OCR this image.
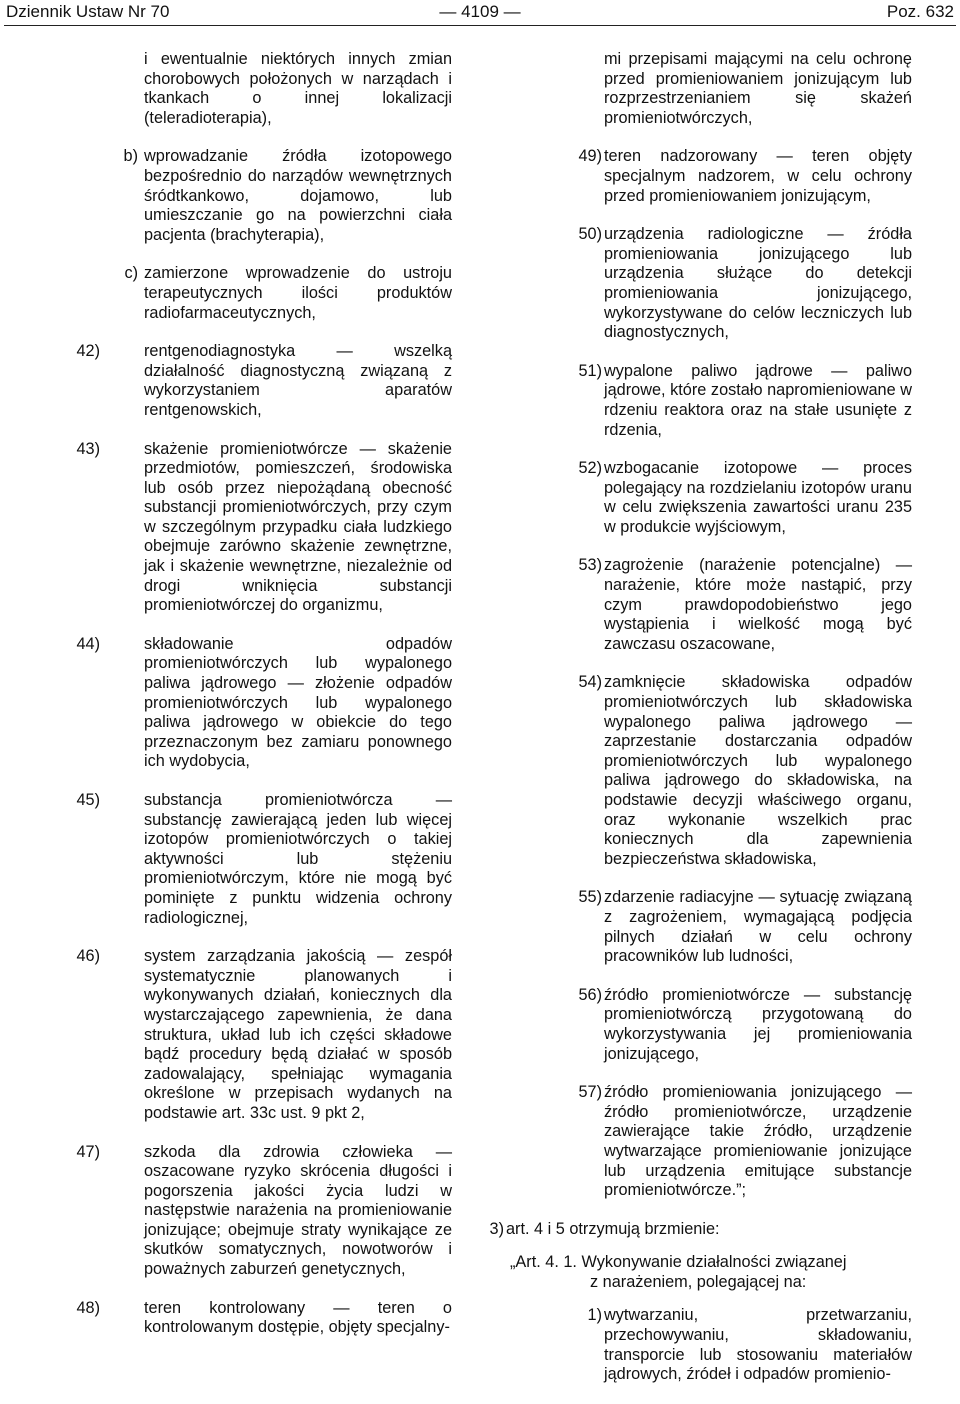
Dziennik Ustaw Nr 70	— 4109 —	Poz. 632
i ewentualnie niektórych innych zmian chorobowych położonych w narządach i tkankach o innej lokalizacji (teleradioterapia),
b) wprowadzanie źródła izotopowego bezpośrednio do narządów wewnętrznych śródtkankowo, dojamowo, lub umieszczanie go na powierzchni ciała pacjenta (brachyterapia),
c) zamierzone wprowadzenie do ustroju terapeutycznych ilości produktów radiofarmaceutycznych,
42)	rentgenodiagnostyka — wszelką działalność diagnostyczną związaną z wykorzystaniem aparatów rentgenowskich,
43)	skażenie promieniotwórcze — skażenie przedmiotów, pomieszczeń, środowiska lub osób przez niepożądaną obecność substancji promieniotwórczych, przy czym w szczególnym przypadku ciała ludzkiego obejmuje zarówno skażenie zewnętrzne, jak i skażenie wewnętrzne, niezależnie od drogi wniknięcia substancji promieniotwórczej do organizmu,
44)	składowanie odpadów promieniotwórczych lub wypalonego paliwa jądrowego — złożenie odpadów promieniotwórczych lub wypalonego paliwa jądrowego w obiekcie do tego przeznaczonym bez zamiaru ponownego ich wydobycia,
45)	substancja promieniotwórcza — substancję zawierającą jeden lub więcej izotopów promieniotwórczych o takiej aktywności lub stężeniu promieniotwórczym, które nie mogą być pominięte z punktu widzenia ochrony radiologicznej,
46)	system zarządzania jakością — zespół systematycznie planowanych i wykonywanych działań, koniecznych dla wystarczającego zapewnienia, że dana struktura, układ lub ich części składowe bądź procedury będą działać w sposób zadowalający, spełniając wymagania określone w przepisach wydanych na podstawie art. 33c ust. 9 pkt 2,
47)	szkoda dla zdrowia człowieka — oszacowane ryzyko skrócenia długości i pogorszenia jakości życia ludzi w następstwie narażenia na promieniowanie jonizujące; obejmuje straty wynikające ze skutków somatycznych, nowotworów i poważnych zaburzeń genetycznych,
48)	teren kontrolowany — teren o kontrolowanym dostępie, objęty specjalny-
mi przepisami mającymi na celu ochronę przed promieniowaniem jonizującym lub rozprzestrzenianiem się skażeń promieniotwórczych,
49) teren nadzorowany — teren objęty specjalnym nadzorem, w celu ochrony przed promieniowaniem jonizującym,
50) urządzenia radiologiczne — źródła promieniowania jonizującego lub urządzenia służące do detekcji promieniowania jonizującego, wykorzystywane do celów leczniczych lub diagnostycznych,
51) wypalone paliwo jądrowe — paliwo jądrowe, które zostało napromieniowane w rdzeniu reaktora oraz na stałe usunięte z rdzenia,
52) wzbogacanie izotopowe — proces polegający na rozdzielaniu izotopów uranu w celu zwiększenia zawartości uranu 235 w produkcie wyjściowym,
53) zagrożenie (narażenie potencjalne) — narażenie, które może nastąpić, przy czym prawdopodobieństwo jego wystąpienia i wielkość mogą być zawczasu oszacowane,
54) zamknięcie składowiska odpadów promieniotwórczych lub składowiska wypalonego paliwa jądrowego — zaprzestanie dostarczania odpadów promieniotwórczych lub wypalonego paliwa jądrowego do składowiska, na podstawie decyzji właściwego organu, oraz wykonanie wszelkich prac koniecznych dla zapewnienia bezpieczeństwa składowiska,
55) zdarzenie radiacyjne — sytuację związaną z zagrożeniem, wymagającą podjęcia pilnych działań w celu ochrony pracowników lub ludności,
56) źródło promieniotwórcze — substancję promieniotwórczą przygotowaną do wykorzystywania jej promieniowania jonizującego,
57) źródło promieniowania jonizującego — źródło promieniotwórcze, urządzenie zawierające takie źródło, urządzenie wytwarzające promieniowanie jonizujące lub urządzenia emitujące substancje promieniotwórcze.”;
3) art. 4 i 5 otrzymują brzmienie:
„Art. 4. 1. Wykonywanie działalności związanej
z narażeniem, polegającej na:
1) wytwarzaniu, przetwarzaniu, przechowywaniu, składowaniu, transporcie lub stosowaniu materiałów jądrowych, źródeł i odpadów promienio-
